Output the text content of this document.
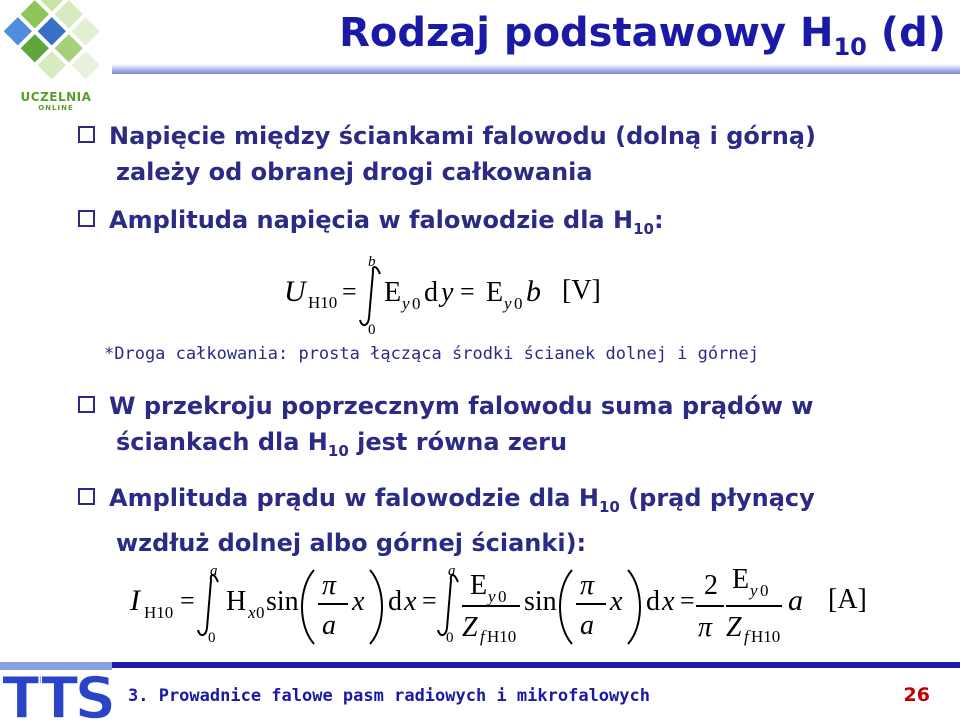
UCZELNIA
ONLINE
Rodzaj podstawowy $H_{10}$ (d)
Napięcie między ściankami falowodu (dolną i górną)
zależy od obranej drogi całkowania
Amplituda napięcia w falowodzie dla $H_{10}$:
U H10 =
b
0
E y 0 d y = E y 0 b [V]
*Droga całkowania: prosta łącząca środki ścianek dolnej i górnej
W przekroju poprzecznym falowodu suma prądów w
ściankach dla $H_{10}$ jest równa zeru
Amplituda prądu w falowodzie dla $H_{10}$ (prąd płynący
wzdłuż dolnej albo górnej ścianki):
I H10 =
a
0
H x 0 sin
π
a
x d x =
a
0
E y 0
Z f H10
sin
π
a
x d x = 2
π
E y 0
Z f H10
a [A]
TTS 3. Prowadnice falowe pasm radiowych i mikrofalowych	26
